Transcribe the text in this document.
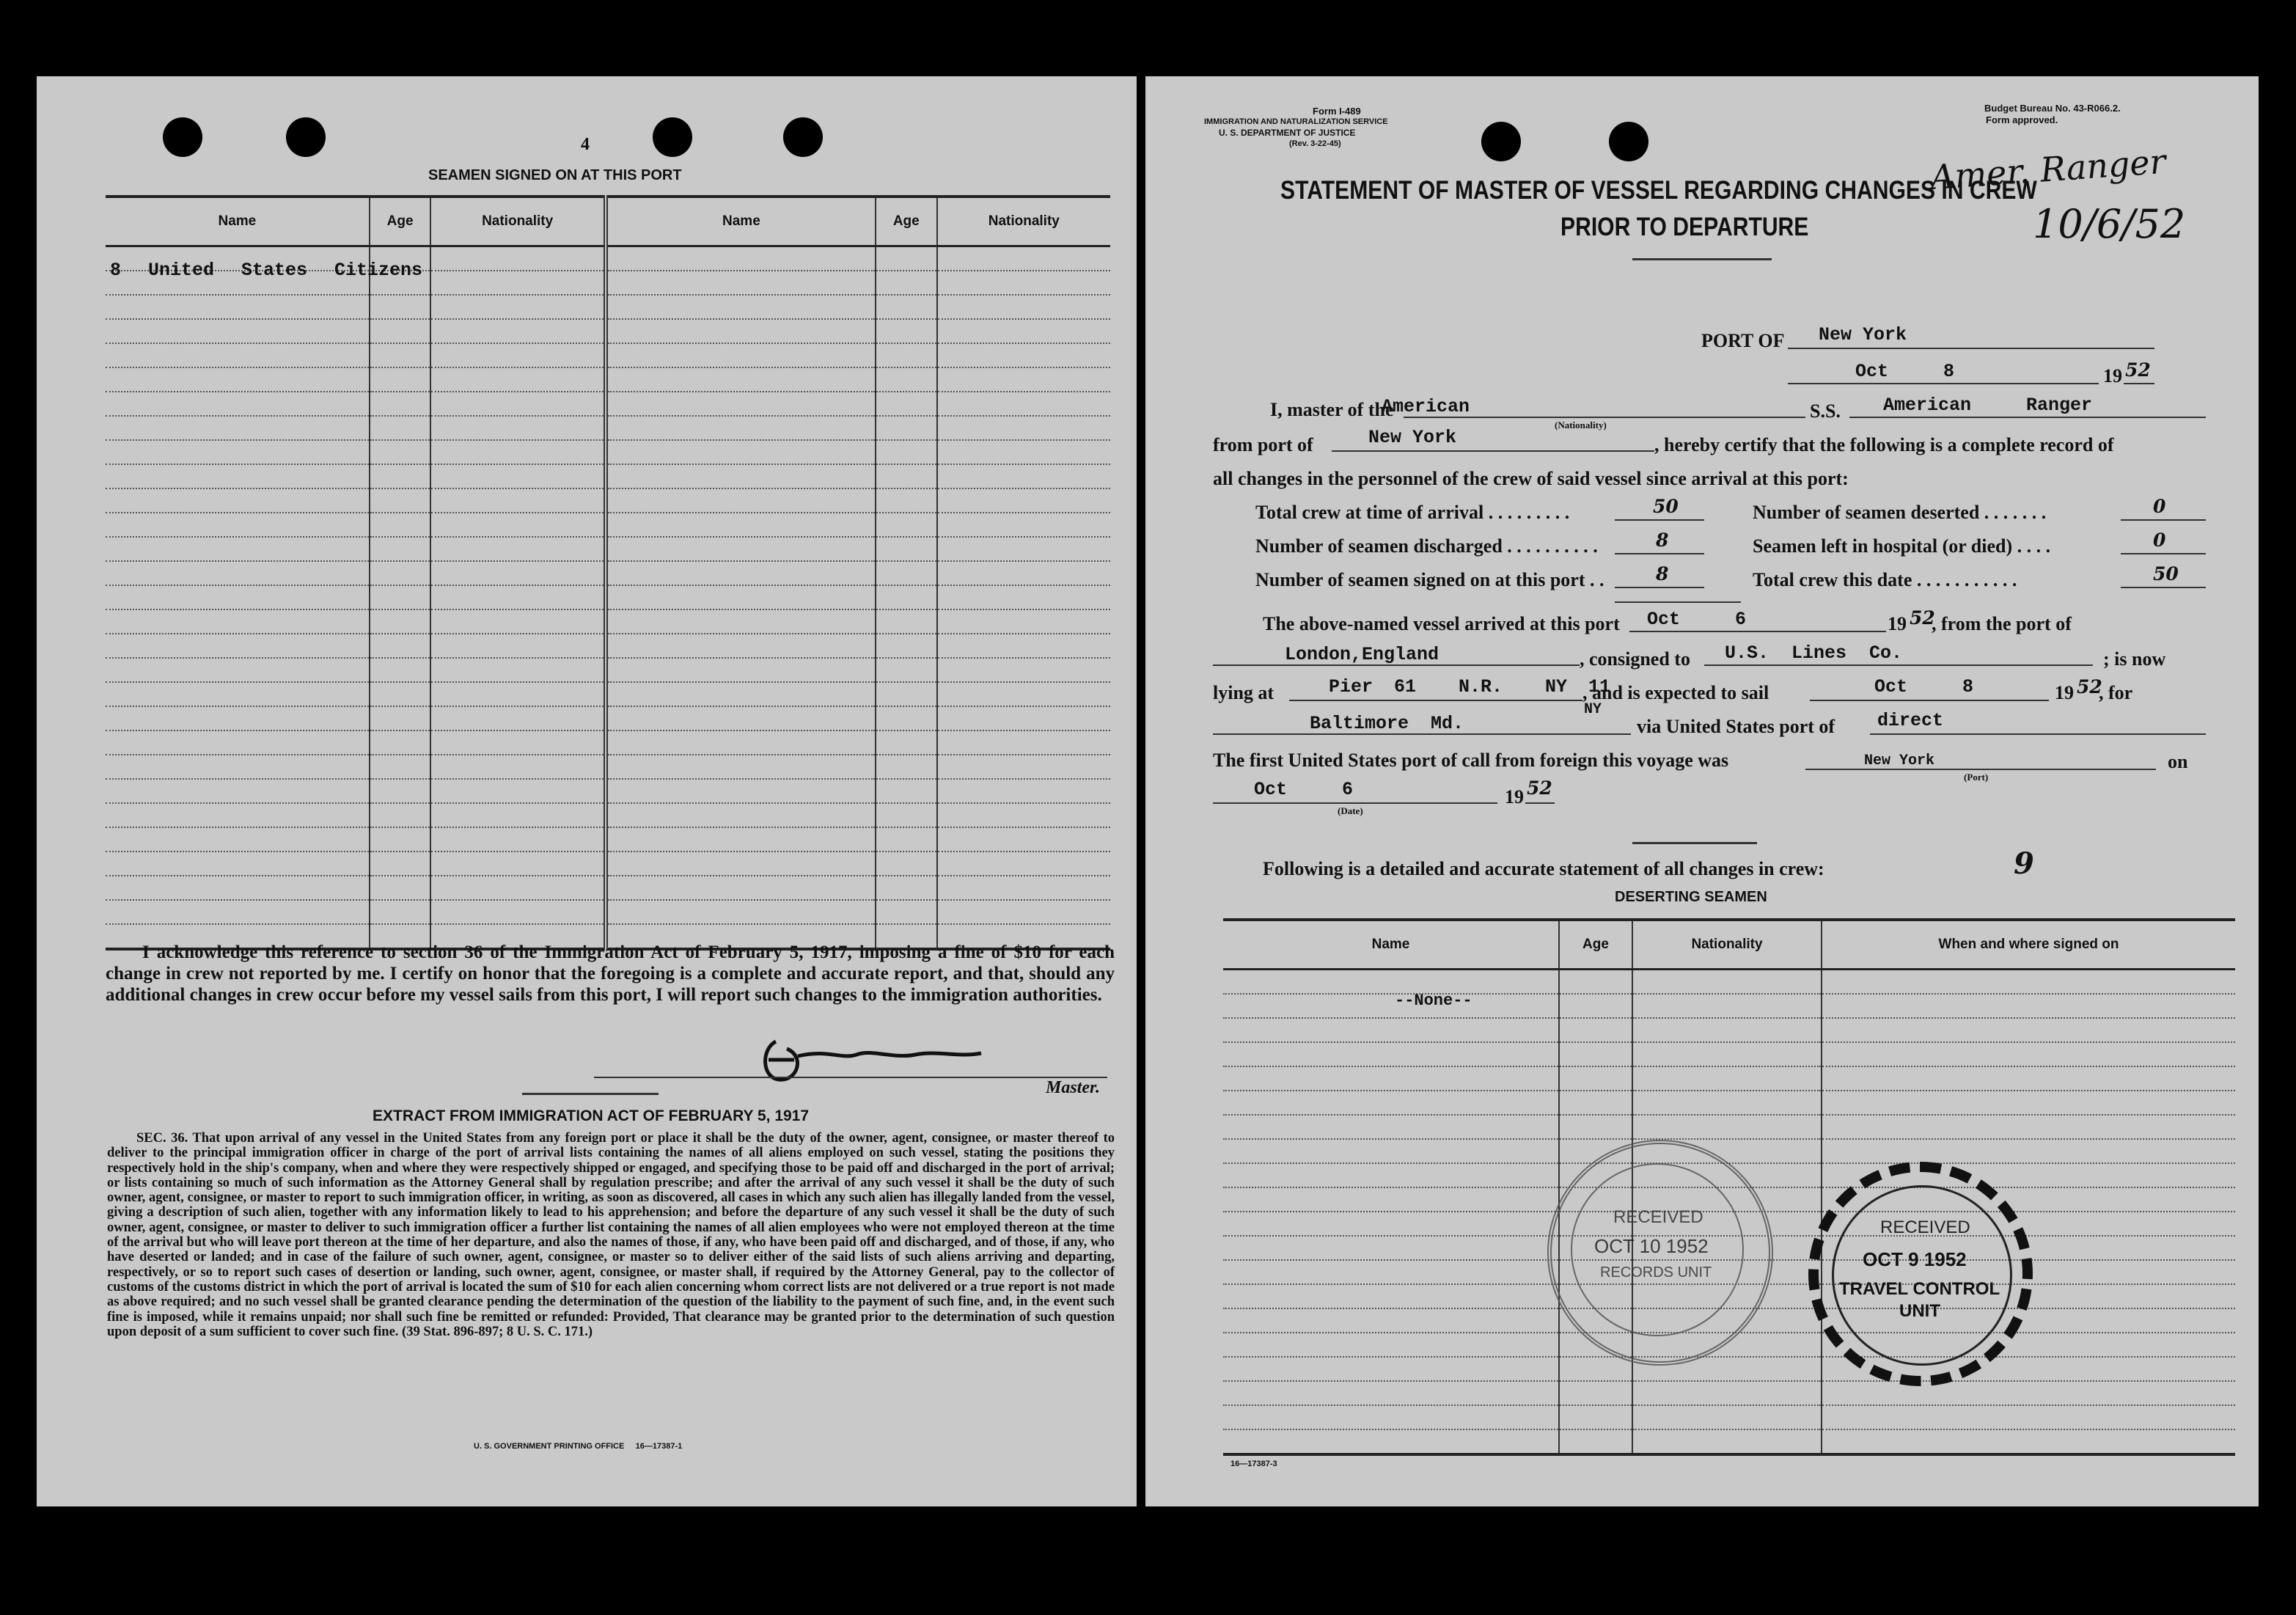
4
SEAMEN SIGNED ON AT THIS PORT
Name	Age	Nationality	Name	Age	Nationality

8 United States Citizens
I acknowledge this reference to section 36 of the Immigration Act of February 5, 1917, imposing a fine of $10 for each change in crew not reported by me. I certify on honor that the foregoing is a complete and accurate report, and that, should any additional changes in crew occur before my vessel sails from this port, I will report such changes to the immigration authorities.
Master.
EXTRACT FROM IMMIGRATION ACT OF FEBRUARY 5, 1917
SEC. 36. That upon arrival of any vessel in the United States from any foreign port or place it shall be the duty of the owner, agent, consignee, or master thereof to deliver to the principal immigration officer in charge of the port of arrival lists containing the names of all aliens employed on such vessel, stating the positions they respectively hold in the ship's company, when and where they were respectively shipped or engaged, and specifying those to be paid off and discharged in the port of arrival; or lists containing so much of such information as the Attorney General shall by regulation prescribe; and after the arrival of any such vessel it shall be the duty of such owner, agent, consignee, or master to report to such immigration officer, in writing, as soon as discovered, all cases in which any such alien has illegally landed from the vessel, giving a description of such alien, together with any information likely to lead to his apprehension; and before the departure of any such vessel it shall be the duty of such owner, agent, consignee, or master to deliver to such immigration officer a further list containing the names of all alien employees who were not employed thereon at the time of the arrival but who will leave port thereon at the time of her departure, and also the names of those, if any, who have been paid off and discharged, and of those, if any, who have deserted or landed; and in case of the failure of such owner, agent, consignee, or master so to deliver either of the said lists of such aliens arriving and departing, respectively, or so to report such cases of desertion or landing, such owner, agent, consignee, or master shall, if required by the Attorney General, pay to the collector of customs of the customs district in which the port of arrival is located the sum of $10 for each alien concerning whom correct lists are not delivered or a true report is not made as above required; and no such vessel shall be granted clearance pending the determination of the question of the liability to the payment of such fine, and, in the event such fine is imposed, while it remains unpaid; nor shall such fine be remitted or refunded: Provided, That clearance may be granted prior to the determination of such question upon deposit of a sum sufficient to cover such fine. (39 Stat. 896-897; 8 U. S. C. 171.)
U. S. GOVERNMENT PRINTING OFFICE     16—17387-1
Form I-489
IMMIGRATION AND NATURALIZATION SERVICE
U. S. DEPARTMENT OF JUSTICE
(Rev. 3-22-45)
Budget Bureau No. 43-R066.2.
Form approved.
Amer. Ranger
10/6/52
STATEMENT OF MASTER OF VESSEL REGARDING CHANGES IN CREW
PRIOR TO DEPARTURE
PORT OF New York
Oct     8	19 52
I, master of the
American
(Nationality)
S.S. American     Ranger
from port of	New York	, hereby certify that the following is a complete record of
all changes in the personnel of the crew of said vessel since arrival at this port:
Total crew at time of arrival . . . . . . . . .	50	Number of seamen deserted . . . . . . .	0
Number of seamen discharged . . . . . . . . . .	8	Seamen left in hospital (or died) . . . .	0
Number of seamen signed on at this port . .	8	Total crew this date . . . . . . . . . . .	50
The above-named vessel arrived at this port Oct     6	19 52
, from the port of
London,England	, consigned to U.S. Lines Co.	; is now
lying at	Pier 61  N.R.  NY 11
, and is expected to sail	Oct     8	19 52
, for
NY
Baltimore  Md.	via United States port of direct
The first United States port of call from foreign this voyage was	New York
(Port)
on
Oct     6
(Date)
19 52
Following is a detailed and accurate statement of all changes in crew:	9
DESERTING SEAMEN
Name	Age	Nationality	When and where signed on

--None--
RECEIVED
OCT 10 1952
RECORDS UNIT
RECEIVED
OCT 9 1952
TRAVEL CONTROL
UNIT
16—17387-3
